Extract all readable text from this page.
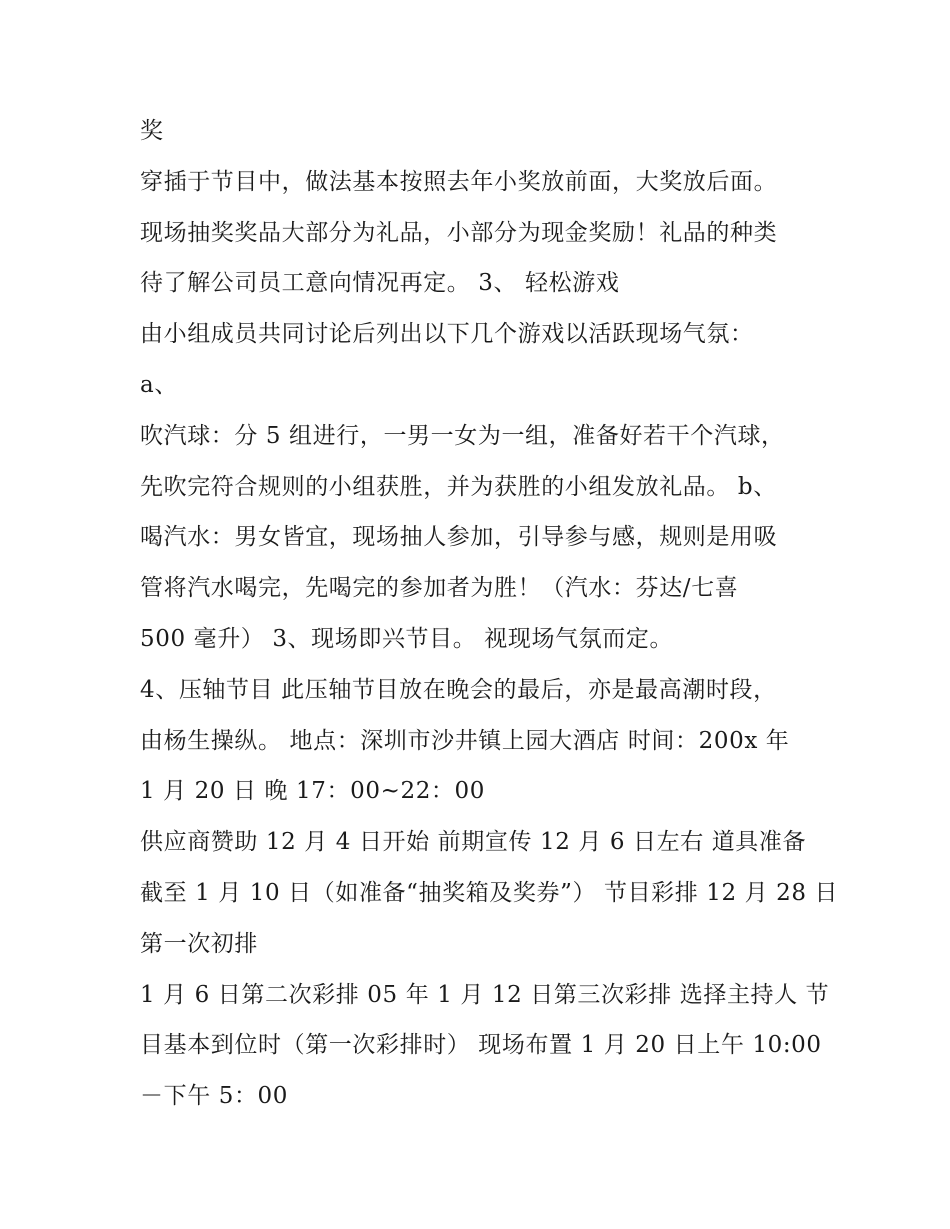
奖

穿插于节目中，做法基本按照去年小奖放前面，大奖放后面。

现场抽奖奖品大部分为礼品，小部分为现金奖励！礼品的种类

待了解公司员工意向情况再定。 3、 轻松游戏

由小组成员共同讨论后列出以下几个游戏以活跃现场气氛：

a、

吹汽球：分 5 组进行，一男一女为一组，准备好若干个汽球，

先吹完符合规则的小组获胜，并为获胜的小组发放礼品。 b、

喝汽水：男女皆宜，现场抽人参加，引导参与感，规则是用吸

管将汽水喝完，先喝完的参加者为胜！（汽水：芬达/七喜

500 毫升） 3、现场即兴节目。 视现场气氛而定。

4、压轴节目 此压轴节目放在晚会的最后，亦是最高潮时段，

由杨生操纵。 地点：深圳市沙井镇上园大酒店 时间：200x 年

1 月 20 日 晚 17：00~22：00

供应商赞助 12 月 4 日开始 前期宣传 12 月 6 日左右 道具准备

截至 1 月 10 日（如准备“抽奖箱及奖券”） 节目彩排 12 月 28 日

第一次初排

1 月 6 日第二次彩排 05 年 1 月 12 日第三次彩排 选择主持人 节

目基本到位时（第一次彩排时） 现场布置 1 月 20 日上午 10:00

－下午 5：00
